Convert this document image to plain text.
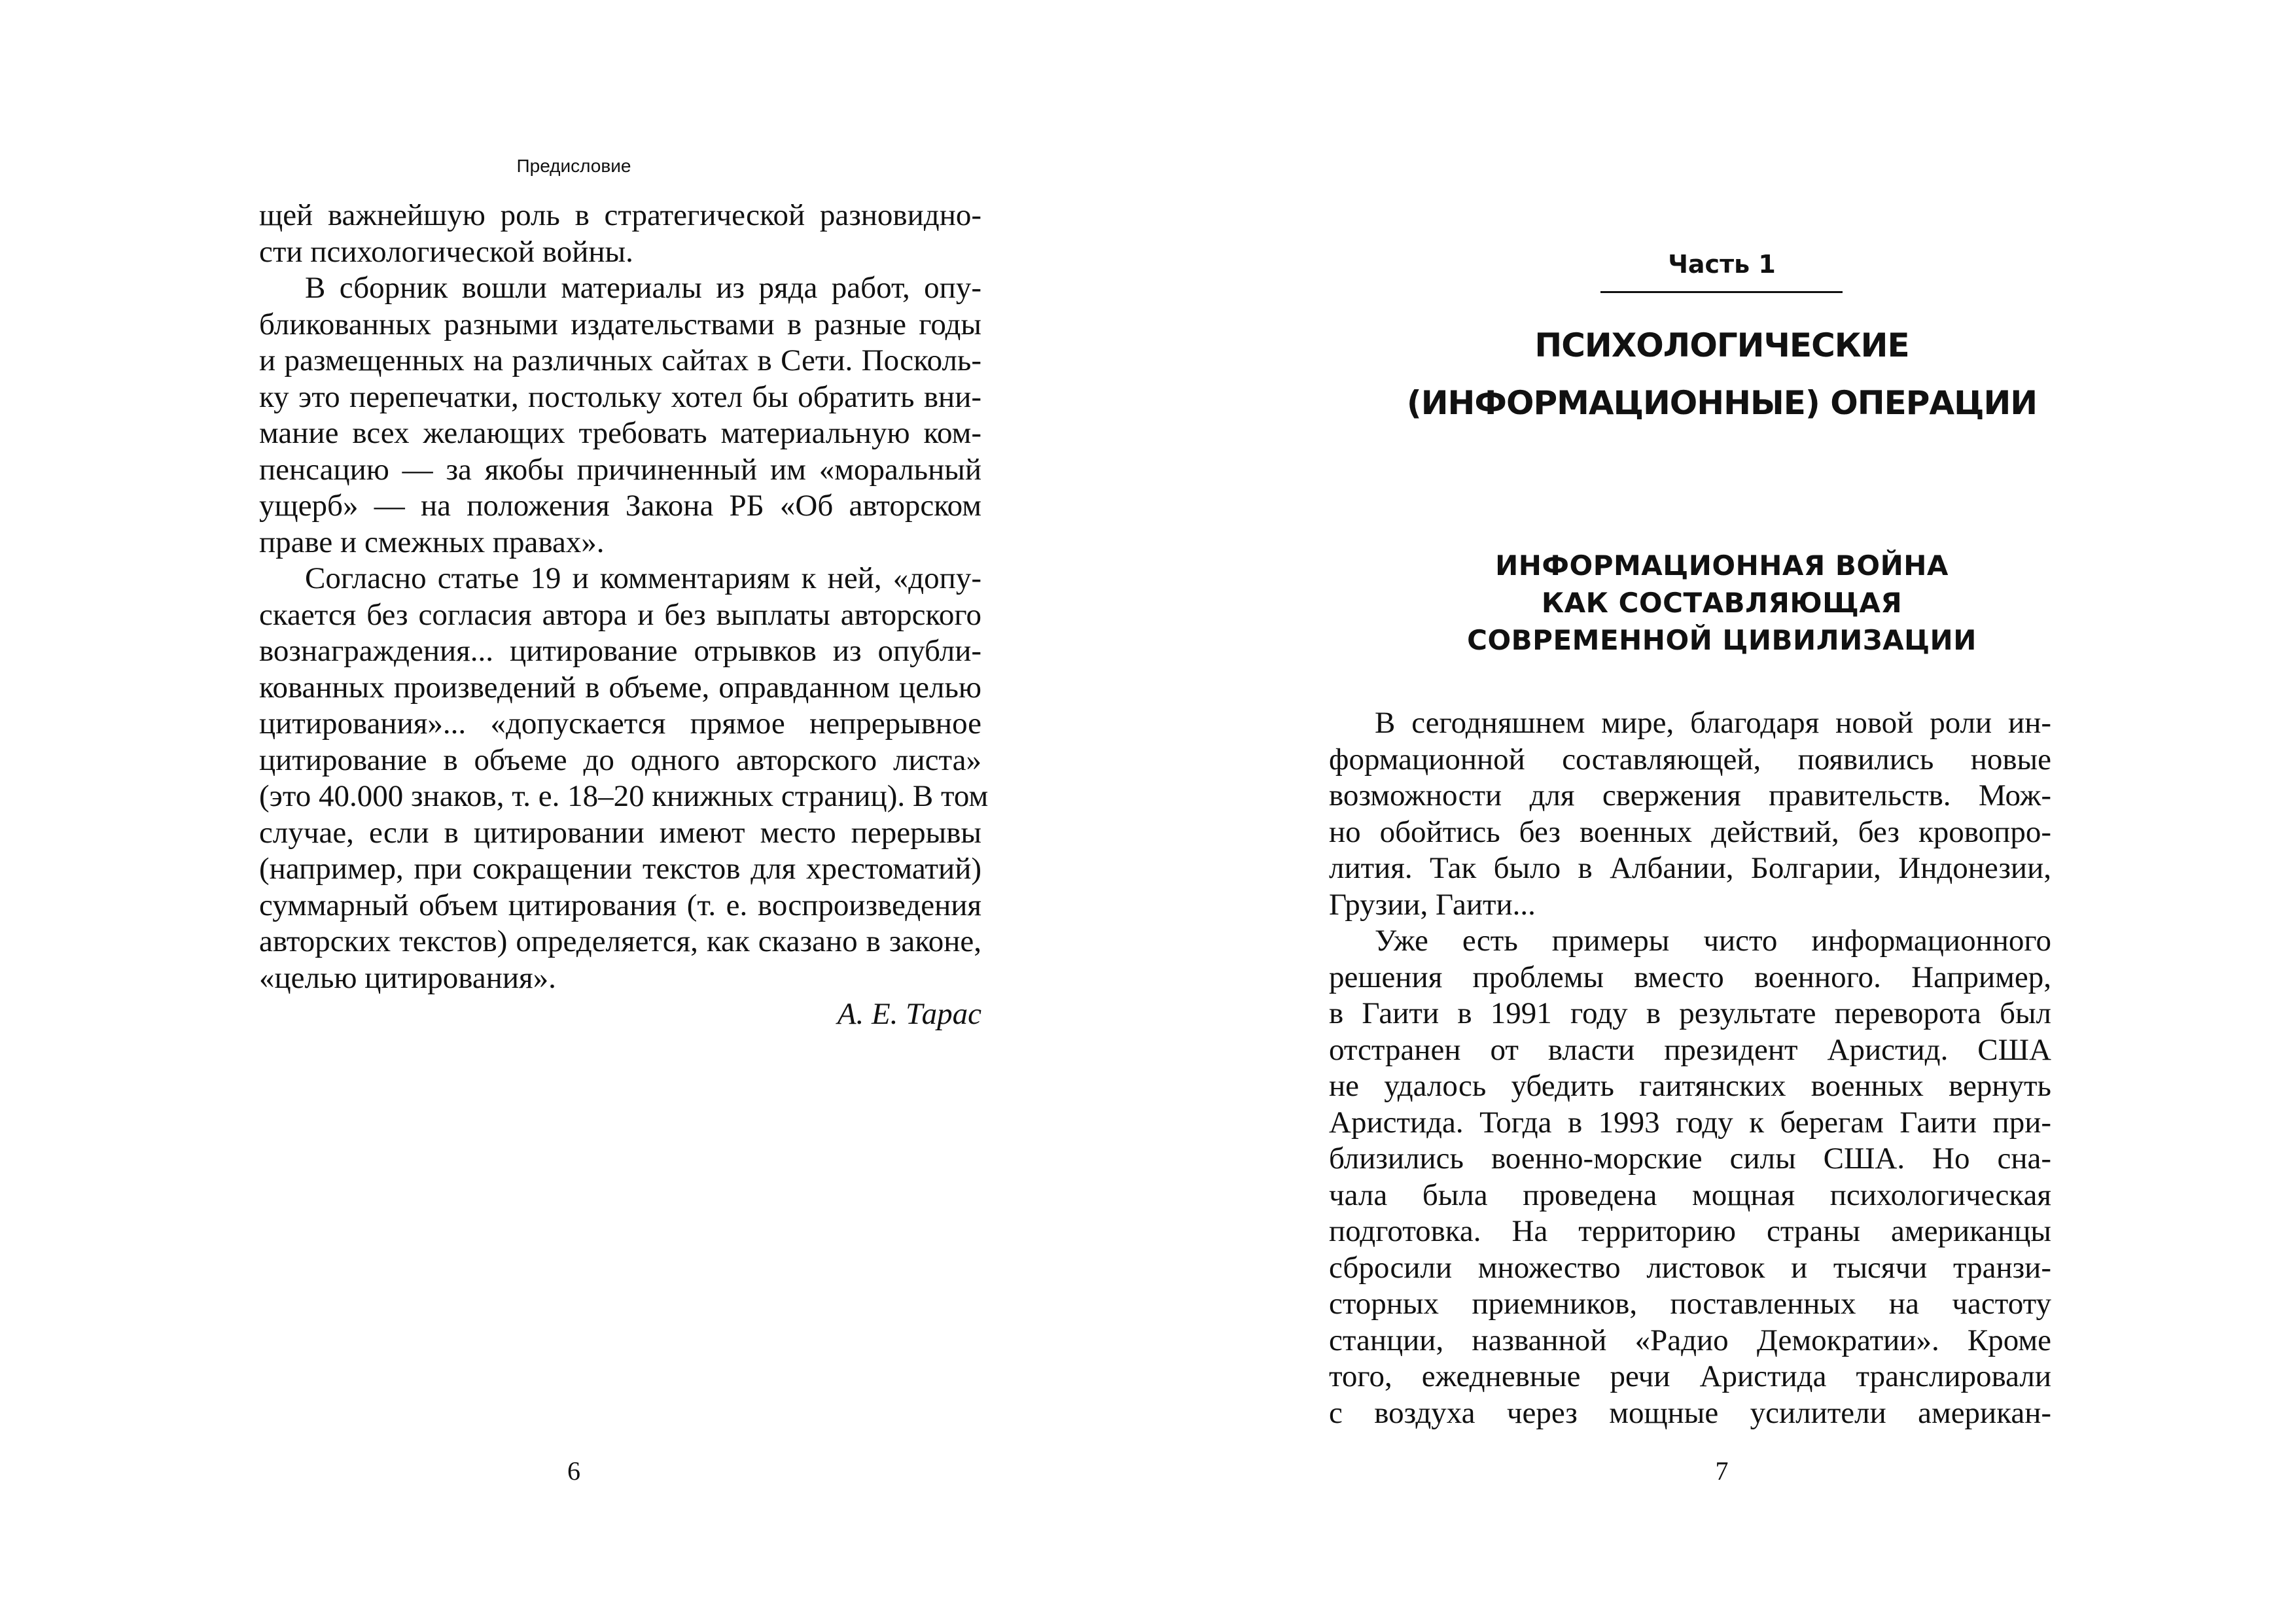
Предисловие
щей важнейшую роль в стратегической разновидно-
сти психологической войны.
В сборник вошли материалы из ряда работ, опу-
бликованных разными издательствами в разные годы
и размещенных на различных сайтах в Сети. Посколь-
ку это перепечатки, постольку хотел бы обратить вни-
мание всех желающих требовать материальную ком-
пенсацию — за якобы причиненный им «моральный
ущерб» — на положения Закона РБ «Об авторском
праве и смежных правах».
Согласно статье 19 и комментариям к ней, «допу-
скается без согласия автора и без выплаты авторского
вознаграждения... цитирование отрывков из опубли-
кованных произведений в объеме, оправданном целью
цитирования»... «допускается прямое непрерывное
цитирование в объеме до одного авторского листа»
(это 40.000 знаков, т. е. 18–20 книжных страниц). В том
случае, если в цитировании имеют место перерывы
(например, при сокращении текстов для хрестоматий)
суммарный объем цитирования (т. е. воспроизведения
авторских текстов) определяется, как сказано в законе,
«целью цитирования».
А. Е. Тарас
6
Часть 1
ПСИХОЛОГИЧЕСКИЕ
(ИНФОРМАЦИОННЫЕ) ОПЕРАЦИИ
ИНФОРМАЦИОННАЯ ВОЙНА
КАК СОСТАВЛЯЮЩАЯ
СОВРЕМЕННОЙ ЦИВИЛИЗАЦИИ
В сегодняшнем мире, благодаря новой роли ин-
формационной составляющей, появились новые
возможности для свержения правительств. Мож-
но обойтись без военных действий, без кровопро-
лития. Так было в Албании, Болгарии, Индонезии,
Грузии, Гаити...
Уже есть примеры чисто информационного
решения проблемы вместо военного. Например,
в Гаити в 1991 году в результате переворота был
отстранен от власти президент Аристид. США
не удалось убедить гаитянских военных вернуть
Аристида. Тогда в 1993 году к берегам Гаити при-
близились военно-морские силы США. Но сна-
чала была проведена мощная психологическая
подготовка. На территорию страны американцы
сбросили множество листовок и тысячи транзи-
сторных приемников, поставленных на частоту
станции, названной «Радио Демократии». Кроме
того, ежедневные речи Аристида транслировали
с воздуха через мощные усилители американ-
7
